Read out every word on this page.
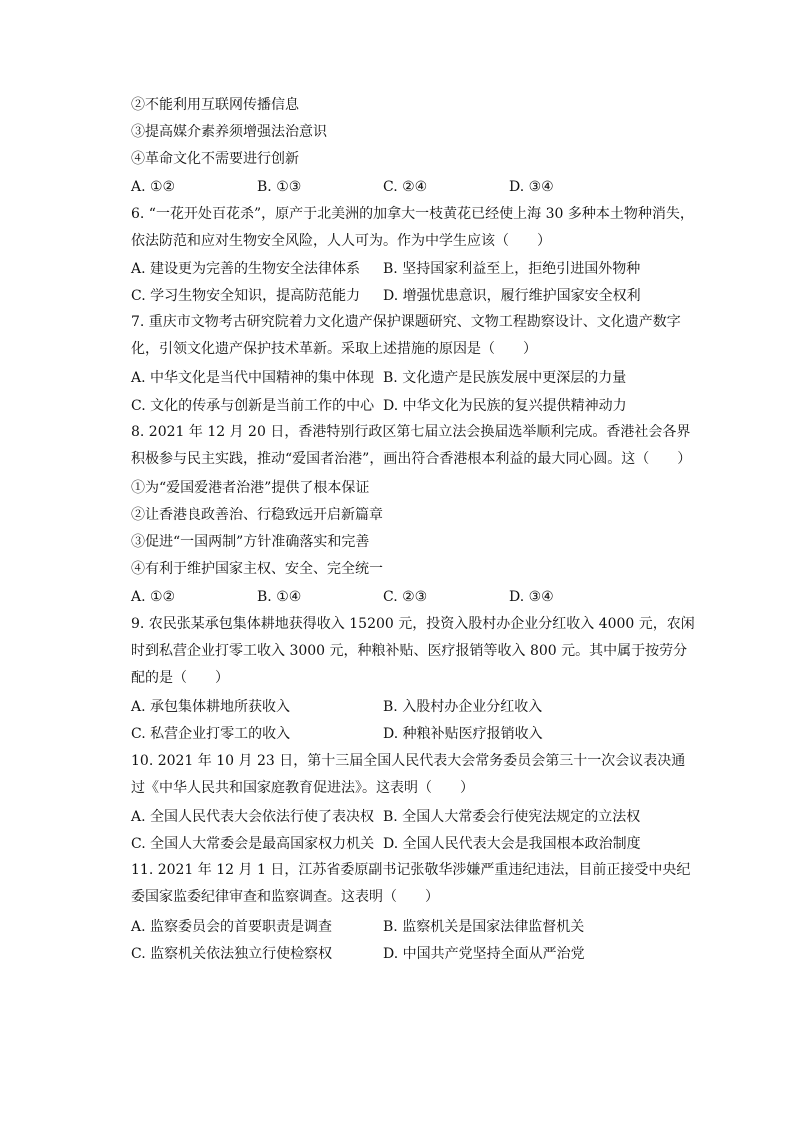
②不能利用互联网传播信息
③提高媒介素养须增强法治意识
④革命文化不需要进行创新
A. ①②	B. ①③	C. ②④	D. ③④
6. “一花开处百花杀”，原产于北美洲的加拿大一枝黄花已经使上海 30 多种本土物种消失，依法防范和应对生物安全风险，人人可为。作为中学生应该（　　）
A. 建设更为完善的生物安全法律体系 B. 坚持国家利益至上，拒绝引进国外物种
C. 学习生物安全知识，提高防范能力 D. 增强忧患意识，履行维护国家安全权利
7. 重庆市文物考古研究院着力文化遗产保护课题研究、文物工程勘察设计、文化遗产数字化，引领文化遗产保护技术革新。采取上述措施的原因是（　　）
A. 中华文化是当代中国精神的集中体现 B. 文化遗产是民族发展中更深层的力量
C. 文化的传承与创新是当前工作的中心 D. 中华文化为民族的复兴提供精神动力
8. 2021 年 12 月 20 日，香港特别行政区第七届立法会换届选举顺利完成。香港社会各界积极参与民主实践，推动“爱国者治港”，画出符合香港根本利益的最大同心圆。这（　　）
①为“爱国爱港者治港”提供了根本保证
②让香港良政善治、行稳致远开启新篇章
③促进“一国两制”方针准确落实和完善
④有利于维护国家主权、安全、完全统一
A. ①②	B. ①④	C. ②③	D. ③④
9. 农民张某承包集体耕地获得收入 15200 元，投资入股村办企业分红收入 4000 元，农闲时到私营企业打零工收入 3000 元，种粮补贴、医疗报销等收入 800 元。其中属于按劳分配的是（　　）
A. 承包集体耕地所获收入	B. 入股村办企业分红收入
C. 私营企业打零工的收入	D. 种粮补贴医疗报销收入
10. 2021 年 10 月 23 日，第十三届全国人民代表大会常务委员会第三十一次会议表决通过《中华人民共和国家庭教育促进法》。这表明（　　）
A. 全国人民代表大会依法行使了表决权 B. 全国人大常委会行使宪法规定的立法权
C. 全国人大常委会是最高国家权力机关 D. 全国人民代表大会是我国根本政治制度
11. 2021 年 12 月 1 日，江苏省委原副书记张敬华涉嫌严重违纪违法，目前正接受中央纪委国家监委纪律审查和监察调查。这表明（　　）
A. 监察委员会的首要职责是调查	B. 监察机关是国家法律监督机关
C. 监察机关依法独立行使检察权	D. 中国共产党坚持全面从严治党
